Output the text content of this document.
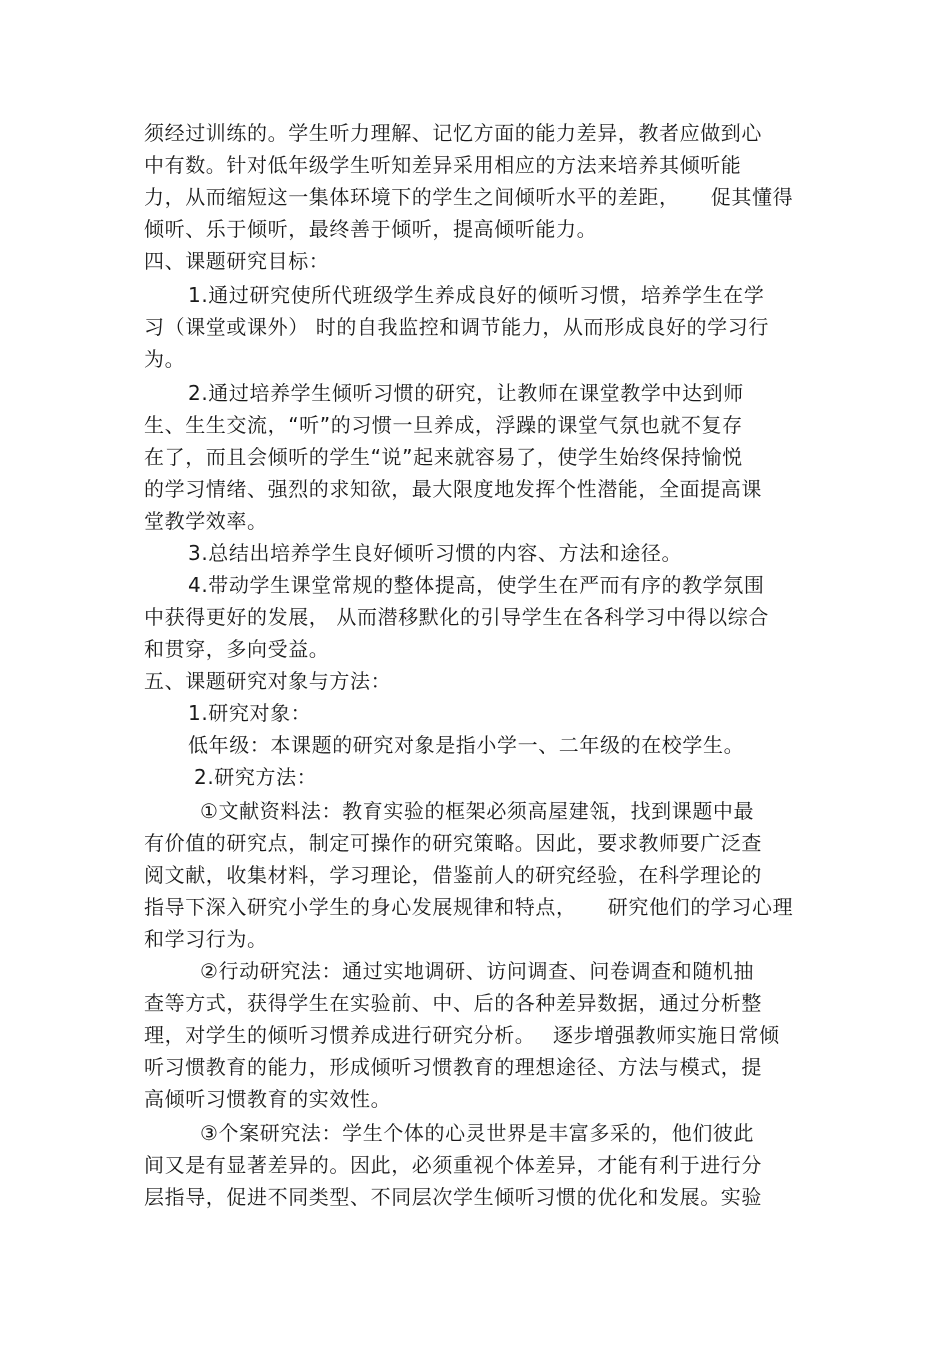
须经过训练的。学生听力理解、记忆方面的能力差异，教者应做到心

中有数。针对低年级学生听知差异采用相应的方法来培养其倾听能

力，从而缩短这一集体环境下的学生之间倾听水平的差距，　　促其懂得

倾听、乐于倾听，最终善于倾听，提高倾听能力。

四、课题研究目标：

1.通过研究使所代班级学生养成良好的倾听习惯，培养学生在学

习（课堂或课外） 时的自我监控和调节能力，从而形成良好的学习行

为。

2.通过培养学生倾听习惯的研究，让教师在课堂教学中达到师

生、生生交流，“听”的习惯一旦养成，浮躁的课堂气氛也就不复存

在了，而且会倾听的学生“说”起来就容易了，使学生始终保持愉悦

的学习情绪、强烈的求知欲，最大限度地发挥个性潜能，全面提高课

堂教学效率。

3.总结出培养学生良好倾听习惯的内容、方法和途径。

4.带动学生课堂常规的整体提高，使学生在严而有序的教学氛围

中获得更好的发展， 从而潜移默化的引导学生在各科学习中得以综合

和贯穿，多向受益。

五、课题研究对象与方法：

1.研究对象：

低年级：本课题的研究对象是指小学一、二年级的在校学生。

2.研究方法：

①文献资料法：教育实验的框架必须高屋建瓴，找到课题中最

有价值的研究点，制定可操作的研究策略。因此，要求教师要广泛查

阅文献，收集材料，学习理论，借鉴前人的研究经验，在科学理论的

指导下深入研究小学生的身心发展规律和特点，　　研究他们的学习心理

和学习行为。

②行动研究法：通过实地调研、访问调查、问卷调查和随机抽

查等方式，获得学生在实验前、中、后的各种差异数据，通过分析整

理，对学生的倾听习惯养成进行研究分析。　 逐步增强教师实施日常倾

听习惯教育的能力，形成倾听习惯教育的理想途径、方法与模式，提

高倾听习惯教育的实效性。

③个案研究法：学生个体的心灵世界是丰富多采的，他们彼此

间又是有显著差异的。因此，必须重视个体差异，才能有利于进行分

层指导，促进不同类型、不同层次学生倾听习惯的优化和发展。实验
